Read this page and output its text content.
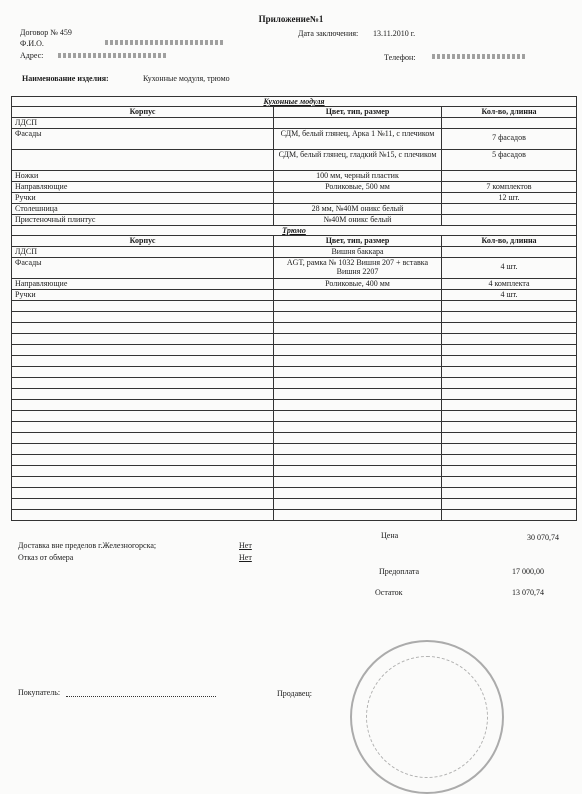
Приложение№1
Договор № 459
Ф.И.О.
Адрес:
Дата заключения: 13.11.2010 г.
Телефон:
Наименование изделия:	Кухонные модуля, трюмо
Кухонные модуля		
Корпус	Цвет, тип, размер	Кол-во, длинна
ЛДСП		
Фасады	СДМ, белый глянец, Арка 1 №11, с плечиком	7 фасадов
	СДМ, белый глянец, гладкий №15, с плечиком	5 фасадов
Ножки	100 мм, черный пластик	
Направляющие	Роликовые, 500 мм	7 комплектов
Ручки		12 шт.
Столешница	28 мм, №40М оникс белый	
Пристеночный плинтус	№40М оникс белый	
Трюмо		
Корпус	Цвет, тип, размер	Кол-во, длинна
ЛДСП	Вишня баккара	
Фасады	AGT, рамка № 1032 Вишня 207 + вставка Вишня 2207	4 шт.
Направляющие	Роликовые, 400 мм	4 комплекта
Ручки		4 шт.

Доставка вне пределов г.Железногорска;	Нет
Отказ от обмера	Нет
Цена	30 070,74
Предоплата	17 000,00
Остаток	13 070,74
Покупатель:	Продавец:
